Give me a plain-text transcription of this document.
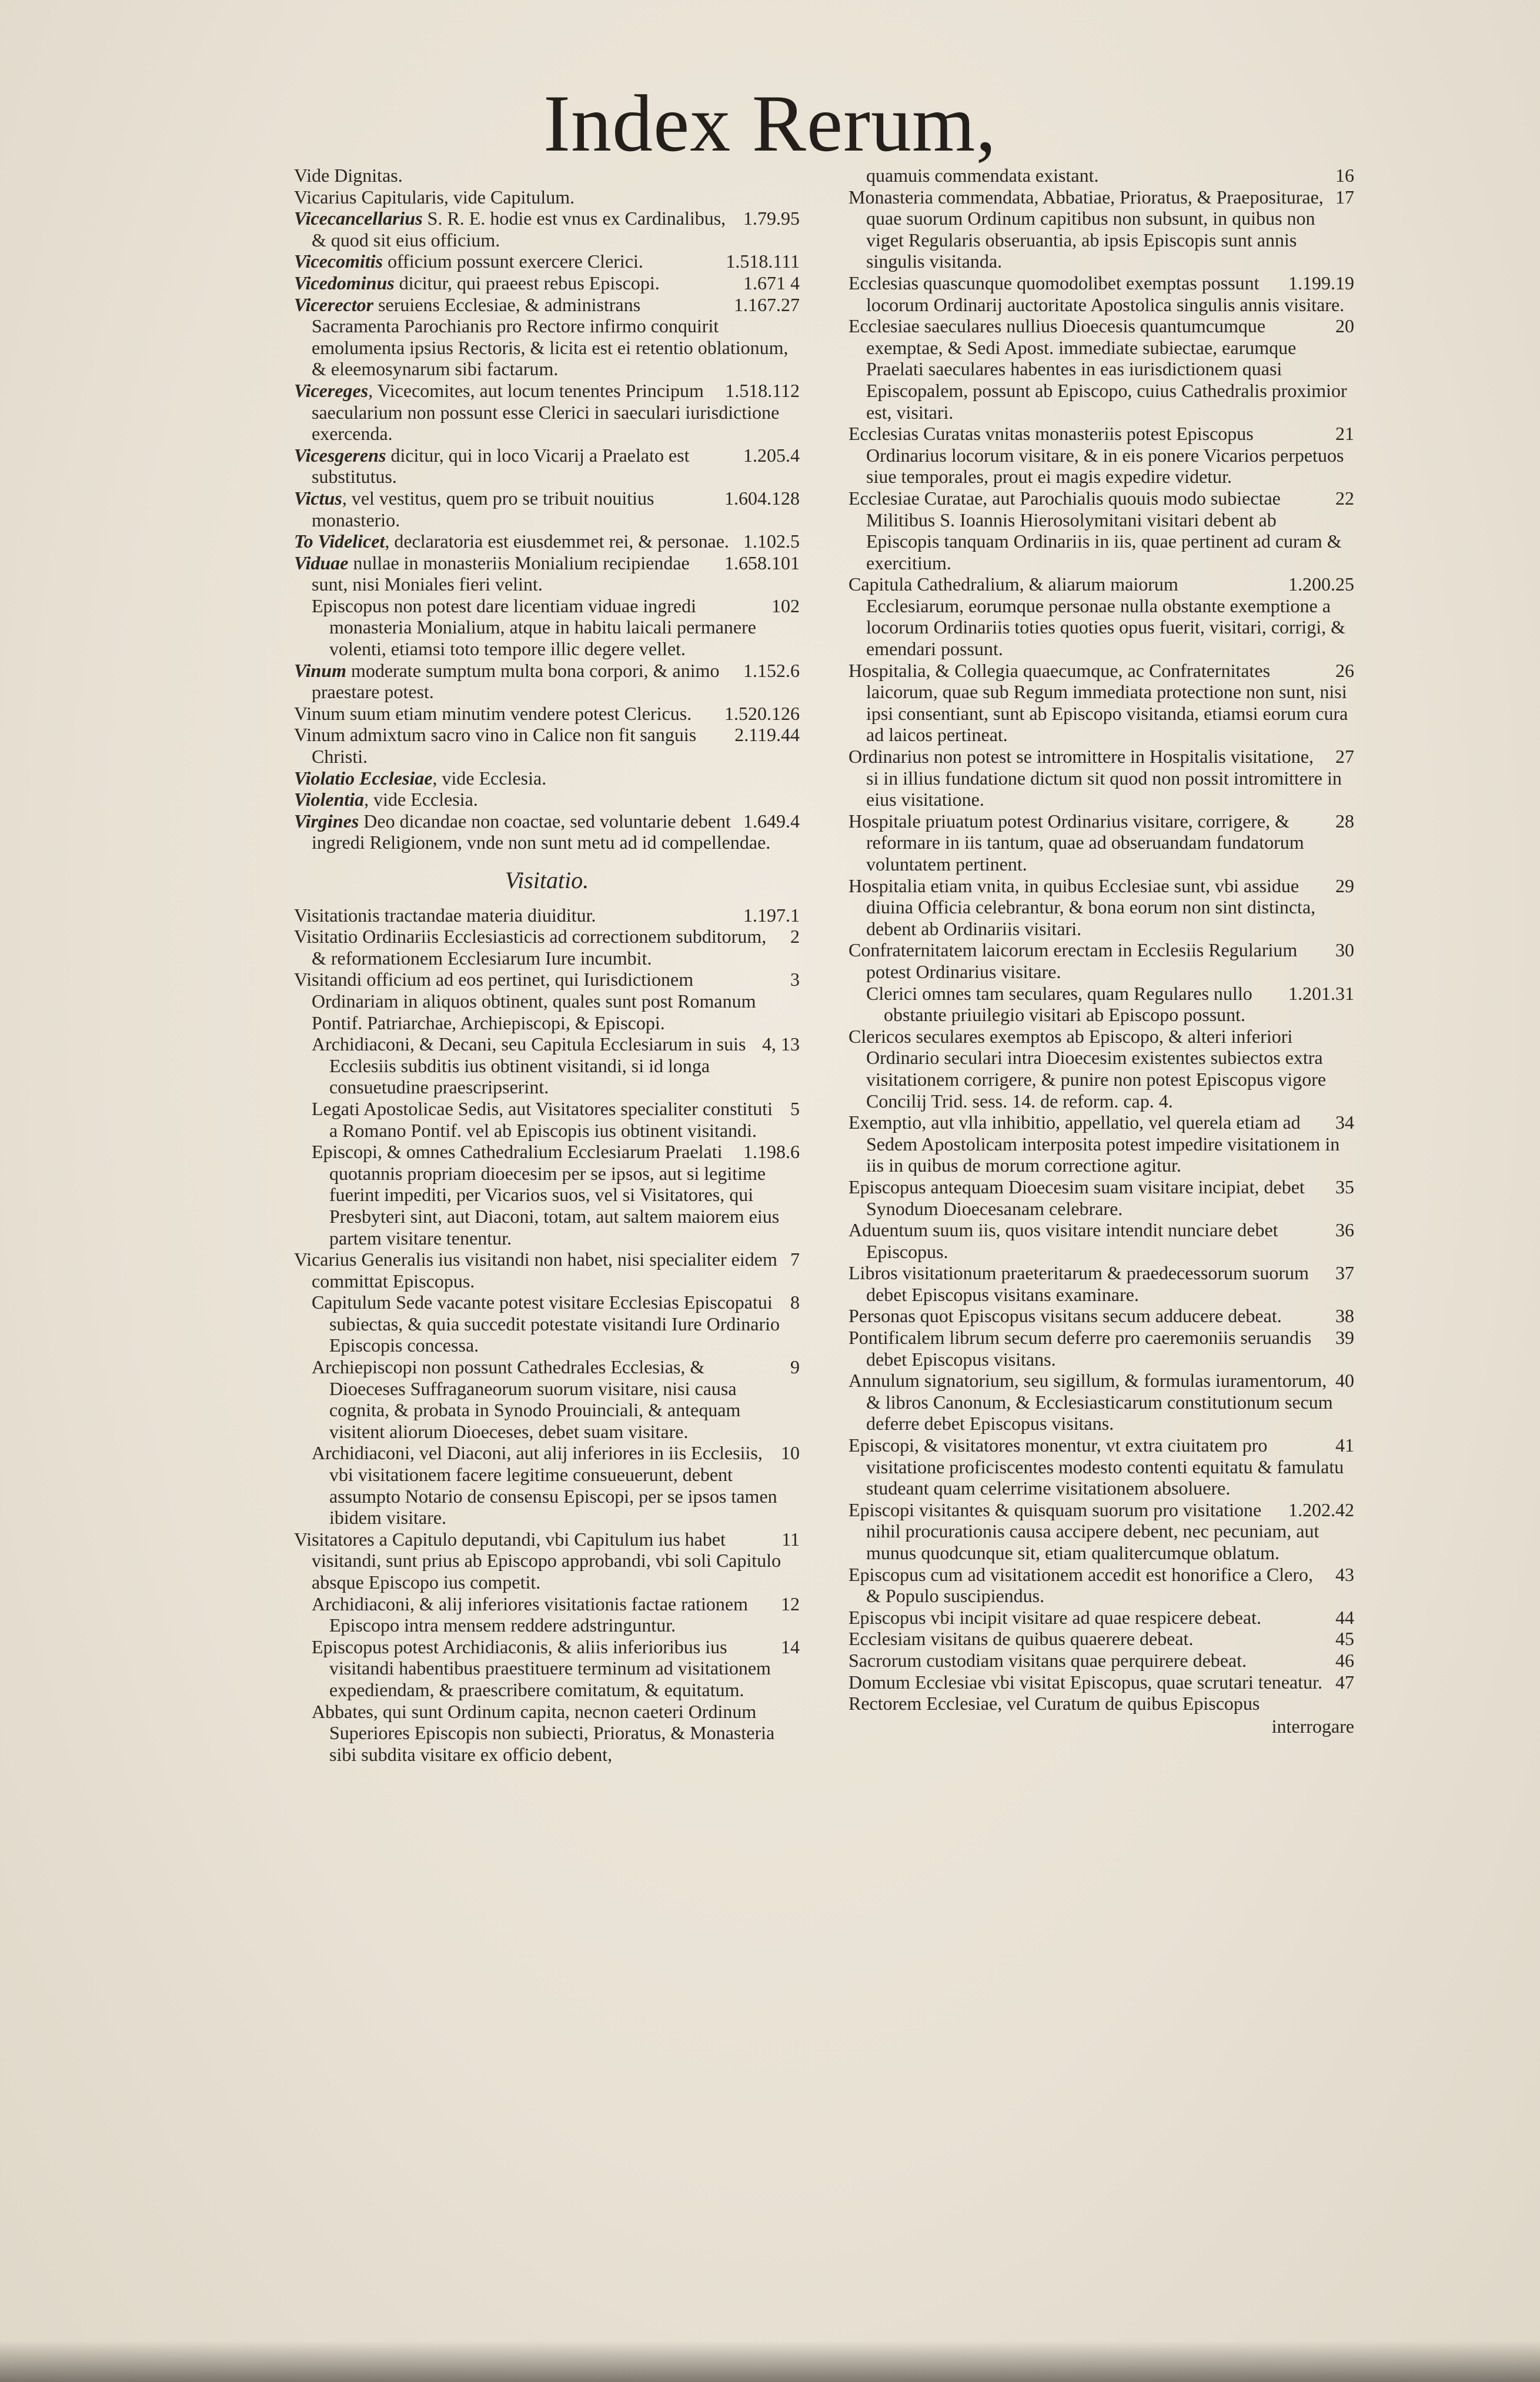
Index Rerum,

Vide Dignitas.

Vicarius Capitularis, vide Capitulum.

1.79.95
Vicecancellarius S. R. E. hodie est vnus ex Cardinalibus, & quod sit eius officium.

1.518.111
Vicecomitis officium possunt exercere Clerici.

1.671 4
Vicedominus dicitur, qui praeest rebus Episcopi.

1.167.27
Vicerector seruiens Ecclesiae, & administrans Sacramenta Parochianis pro Rectore infirmo conquirit emolumenta ipsius Rectoris, & licita est ei retentio oblationum, & eleemosynarum sibi factarum.

1.518.112
Vicereges, Vicecomites, aut locum tenentes Principum saecularium non possunt esse Clerici in saeculari iurisdictione exercenda.

1.205.4
Vicesgerens dicitur, qui in loco Vicarij a Praelato est substitutus.

1.604.128
Victus, vel vestitus, quem pro se tribuit nouitius monasterio.

1.102.5
To Videlicet, declaratoria est eiusdemmet rei, & personae.

1.658.101
Viduae nullae in monasteriis Monialium recipiendae sunt, nisi Moniales fieri velint.

102
Episcopus non potest dare licentiam viduae ingredi monasteria Monialium, atque in habitu laicali permanere volenti, etiamsi toto tempore illic degere vellet.

1.152.6
Vinum moderate sumptum multa bona corpori, & animo praestare potest.

1.520.126
Vinum suum etiam minutim vendere potest Clericus.

2.119.44
Vinum admixtum sacro vino in Calice non fit sanguis Christi.

Violatio Ecclesiae, vide Ecclesia.

Violentia, vide Ecclesia.

1.649.4
Virgines Deo dicandae non coactae, sed voluntarie debent ingredi Religionem, vnde non sunt metu ad id compellendae.

Visitatio.

1.197.1
Visitationis tractandae materia diuiditur.

2
Visitatio Ordinariis Ecclesiasticis ad correctionem subditorum, & reformationem Ecclesiarum Iure incumbit.

3
Visitandi officium ad eos pertinet, qui Iurisdictionem Ordinariam in aliquos obtinent, quales sunt post Romanum Pontif. Patriarchae, Archiepiscopi, & Episcopi.

4, 13
Archidiaconi, & Decani, seu Capitula Ecclesiarum in suis Ecclesiis subditis ius obtinent visitandi, si id longa consuetudine praescripserint.

5
Legati Apostolicae Sedis, aut Visitatores specialiter constituti a Romano Pontif. vel ab Episcopis ius obtinent visitandi.

1.198.6
Episcopi, & omnes Cathedralium Ecclesiarum Praelati quotannis propriam dioecesim per se ipsos, aut si legitime fuerint impediti, per Vicarios suos, vel si Visitatores, qui Presbyteri sint, aut Diaconi, totam, aut saltem maiorem eius partem visitare tenentur.

7
Vicarius Generalis ius visitandi non habet, nisi specialiter eidem committat Episcopus.

8
Capitulum Sede vacante potest visitare Ecclesias Episcopatui subiectas, & quia succedit potestate visitandi Iure Ordinario Episcopis concessa.

9
Archiepiscopi non possunt Cathedrales Ecclesias, & Dioeceses Suffraganeorum suorum visitare, nisi causa cognita, & probata in Synodo Prouinciali, & antequam visitent aliorum Dioeceses, debet suam visitare.

10
Archidiaconi, vel Diaconi, aut alij inferiores in iis Ecclesiis, vbi visitationem facere legitime consueuerunt, debent assumpto Notario de consensu Episcopi, per se ipsos tamen ibidem visitare.

11
Visitatores a Capitulo deputandi, vbi Capitulum ius habet visitandi, sunt prius ab Episcopo approbandi, vbi soli Capitulo absque Episcopo ius competit.

12
Archidiaconi, & alij inferiores visitationis factae rationem Episcopo intra mensem reddere adstringuntur.

14
Episcopus potest Archidiaconis, & aliis inferioribus ius visitandi habentibus praestituere terminum ad visitationem expediendam, & praescribere comitatum, & equitatum.

Abbates, qui sunt Ordinum capita, necnon caeteri Ordinum Superiores Episcopis non subiecti, Prioratus, & Monasteria sibi subdita visitare ex officio debent,

16
quamuis commendata existant.

17
Monasteria commendata, Abbatiae, Prioratus, & Praepositurae, quae suorum Ordinum capitibus non subsunt, in quibus non viget Regularis obseruantia, ab ipsis Episcopis sunt annis singulis visitanda.

1.199.19
Ecclesias quascunque quomodolibet exemptas possunt locorum Ordinarij auctoritate Apostolica singulis annis visitare.

20
Ecclesiae saeculares nullius Dioecesis quantumcumque exemptae, & Sedi Apost. immediate subiectae, earumque Praelati saeculares habentes in eas iurisdictionem quasi Episcopalem, possunt ab Episcopo, cuius Cathedralis proximior est, visitari.

21
Ecclesias Curatas vnitas monasteriis potest Episcopus Ordinarius locorum visitare, & in eis ponere Vicarios perpetuos siue temporales, prout ei magis expedire videtur.

22
Ecclesiae Curatae, aut Parochialis quouis modo subiectae Militibus S. Ioannis Hierosolymitani visitari debent ab Episcopis tanquam Ordinariis in iis, quae pertinent ad curam & exercitium.

1.200.25
Capitula Cathedralium, & aliarum maiorum Ecclesiarum, eorumque personae nulla obstante exemptione a locorum Ordinariis toties quoties opus fuerit, visitari, corrigi, & emendari possunt.

26
Hospitalia, & Collegia quaecumque, ac Confraternitates laicorum, quae sub Regum immediata protectione non sunt, nisi ipsi consentiant, sunt ab Episcopo visitanda, etiamsi eorum cura ad laicos pertineat.

27
Ordinarius non potest se intromittere in Hospitalis visitatione, si in illius fundatione dictum sit quod non possit intromittere in eius visitatione.

28
Hospitale priuatum potest Ordinarius visitare, corrigere, & reformare in iis tantum, quae ad obseruandam fundatorum voluntatem pertinent.

29
Hospitalia etiam vnita, in quibus Ecclesiae sunt, vbi assidue diuina Officia celebrantur, & bona eorum non sint distincta, debent ab Ordinariis visitari.

30
Confraternitatem laicorum erectam in Ecclesiis Regularium potest Ordinarius visitare.

1.201.31
Clerici omnes tam seculares, quam Regulares nullo obstante priuilegio visitari ab Episcopo possunt.

Clericos seculares exemptos ab Episcopo, & alteri inferiori Ordinario seculari intra Dioecesim existentes subiectos extra visitationem corrigere, & punire non potest Episcopus vigore Concilij Trid. sess. 14. de reform. cap. 4.

34
Exemptio, aut vlla inhibitio, appellatio, vel querela etiam ad Sedem Apostolicam interposita potest impedire visitationem in iis in quibus de morum correctione agitur.

35
Episcopus antequam Dioecesim suam visitare incipiat, debet Synodum Dioecesanam celebrare.

36
Aduentum suum iis, quos visitare intendit nunciare debet Episcopus.

37
Libros visitationum praeteritarum & praedecessorum suorum debet Episcopus visitans examinare.

38
Personas quot Episcopus visitans secum adducere debeat.

39
Pontificalem librum secum deferre pro caeremoniis seruandis debet Episcopus visitans.

40
Annulum signatorium, seu sigillum, & formulas iuramentorum, & libros Canonum, & Ecclesiasticarum constitutionum secum deferre debet Episcopus visitans.

41
Episcopi, & visitatores monentur, vt extra ciuitatem pro visitatione proficiscentes modesto contenti equitatu & famulatu studeant quam celerrime visitationem absoluere.

1.202.42
Episcopi visitantes & quisquam suorum pro visitatione nihil procurationis causa accipere debent, nec pecuniam, aut munus quodcunque sit, etiam qualitercumque oblatum.

43
Episcopus cum ad visitationem accedit est honorifice a Clero, & Populo suscipiendus.

44
Episcopus vbi incipit visitare ad quae respicere debeat.

45
Ecclesiam visitans de quibus quaerere debeat.

46
Sacrorum custodiam visitans quae perquirere debeat.

47
Domum Ecclesiae vbi visitat Episcopus, quae scrutari teneatur.

Rectorem Ecclesiae, vel Curatum de quibus Episcopus

interrogare
